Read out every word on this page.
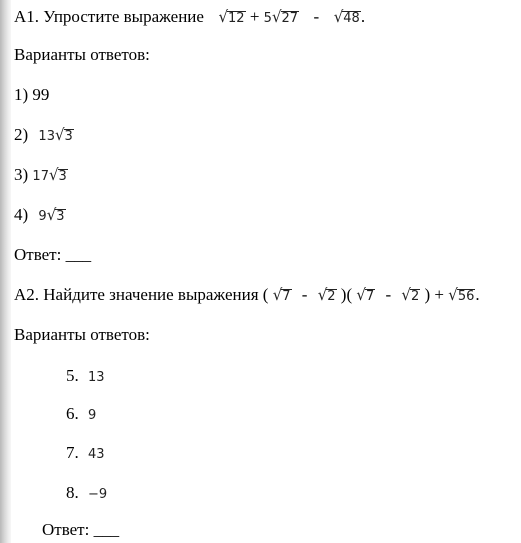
А1. Упростите выражение √12 + 5√27 - √48.
Варианты ответов:
1) 99
2) 13√3
3) 17√3
4) 9√3
Ответ: ___
А2. Найдите значение выражения ( √7 - √2 )( √7 - √2 ) + √56.
Варианты ответов:
5. 13
6. 9
7. 43
8. −9
Ответ: ___
